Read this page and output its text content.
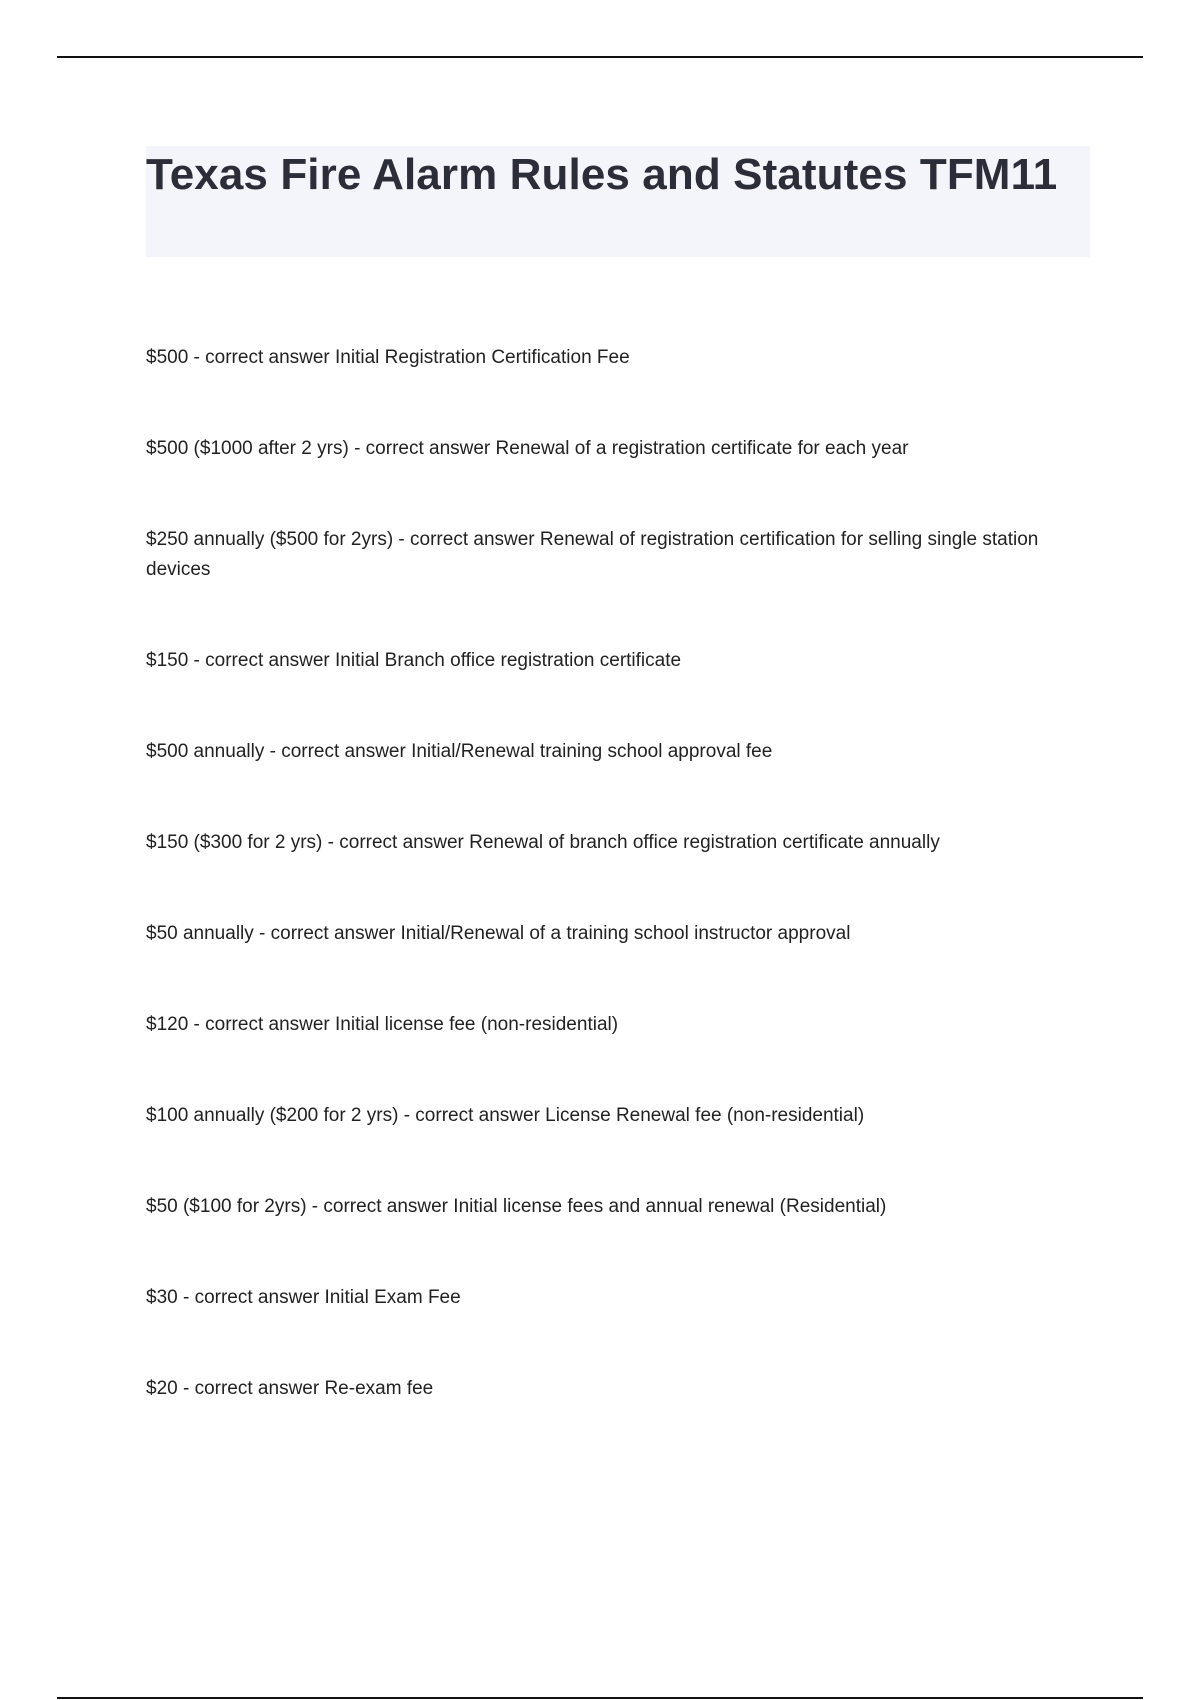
Texas Fire Alarm Rules and Statutes TFM11
$500 - correct answer Initial Registration Certification Fee
$500 ($1000 after 2 yrs) - correct answer Renewal of a registration certificate for each year
$250 annually ($500 for 2yrs) - correct answer Renewal of registration certification for selling single station devices
$150 - correct answer Initial Branch office registration certificate
$500 annually - correct answer Initial/Renewal training school approval fee
$150 ($300 for 2 yrs) - correct answer Renewal of branch office registration certificate annually
$50 annually - correct answer Initial/Renewal of a training school instructor approval
$120 - correct answer Initial license fee (non-residential)
$100 annually ($200 for 2 yrs) - correct answer License Renewal fee (non-residential)
$50 ($100 for 2yrs) - correct answer Initial license fees and annual renewal (Residential)
$30 - correct answer Initial Exam Fee
$20 - correct answer Re-exam fee
